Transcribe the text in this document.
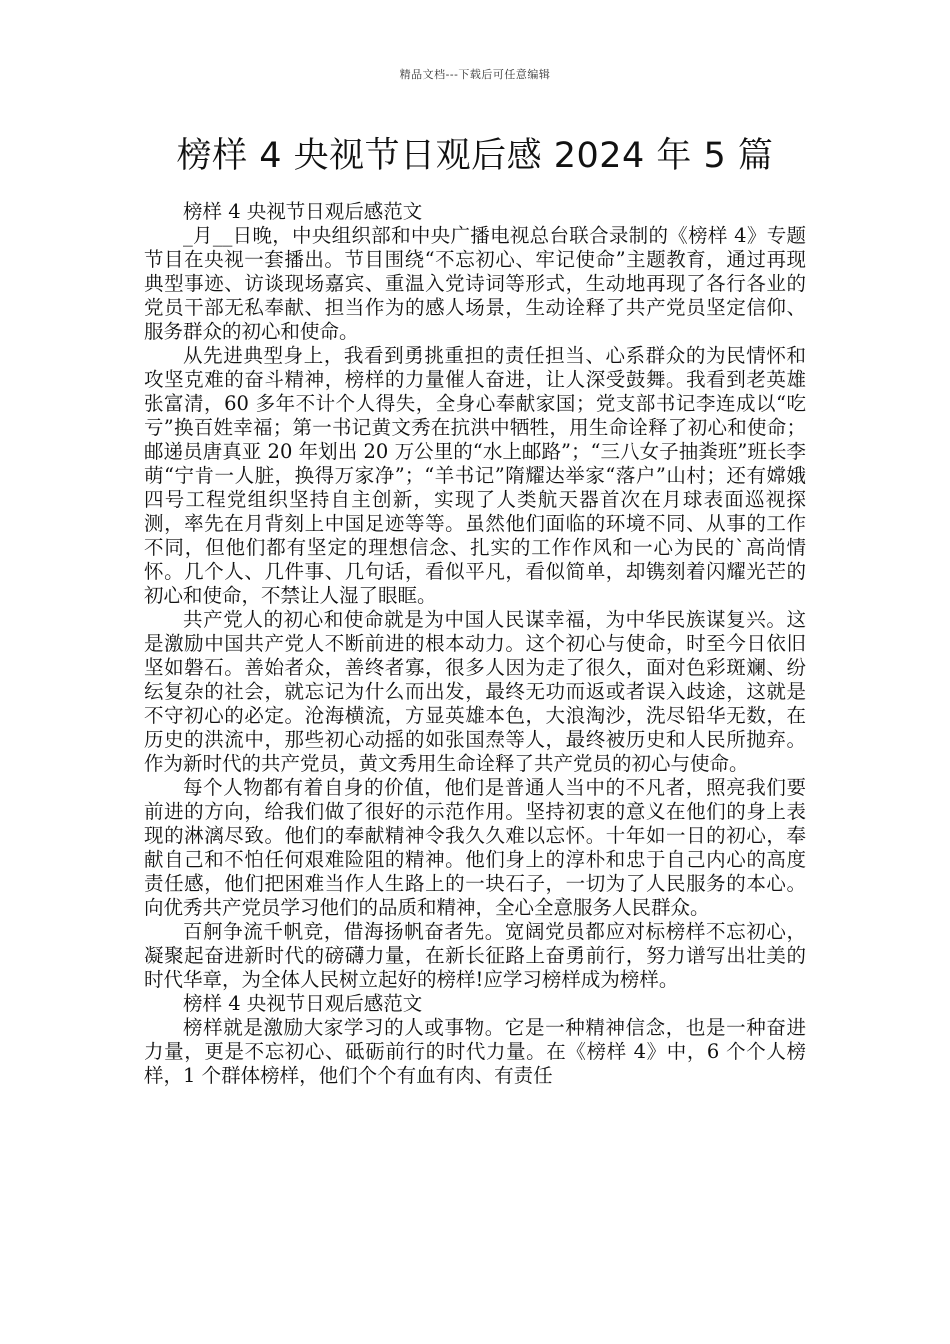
精品文档---下载后可任意编辑
榜样 4 央视节日观后感 2024 年 5 篇

榜样 4 央视节日观后感范文

_月__日晚，中央组织部和中央广播电视总台联合录制的《榜样 4》专题节目在央视一套播出。节目围绕“不忘初心、牢记使命”主题教育，通过再现典型事迹、访谈现场嘉宾、重温入党诗词等形式，生动地再现了各行各业的党员干部无私奉献、担当作为的感人场景，生动诠释了共产党员坚定信仰、服务群众的初心和使命。

从先进典型身上，我看到勇挑重担的责任担当、心系群众的为民情怀和攻坚克难的奋斗精神，榜样的力量催人奋进，让人深受鼓舞。我看到老英雄张富清，60 多年不计个人得失，全身心奉献家国；党支部书记李连成以“吃亏”换百姓幸福；第一书记黄文秀在抗洪中牺牲，用生命诠释了初心和使命；邮递员唐真亚 20 年划出 20 万公里的“水上邮路”；“三八女子抽粪班”班长李萌“宁肯一人脏，换得万家净”；“羊书记”隋耀达举家“落户”山村；还有嫦娥四号工程党组织坚持自主创新，实现了人类航天器首次在月球表面巡视探测，率先在月背刻上中国足迹等等。虽然他们面临的环境不同、从事的工作不同，但他们都有坚定的理想信念、扎实的工作作风和一心为民的`高尚情怀。几个人、几件事、几句话，看似平凡，看似简单，却镌刻着闪耀光芒的初心和使命，不禁让人湿了眼眶。

共产党人的初心和使命就是为中国人民谋幸福，为中华民族谋复兴。这是激励中国共产党人不断前进的根本动力。这个初心与使命，时至今日依旧坚如磐石。善始者众，善终者寡，很多人因为走了很久，面对色彩斑斓、纷纭复杂的社会，就忘记为什么而出发，最终无功而返或者误入歧途，这就是不守初心的必定。沧海横流，方显英雄本色，大浪淘沙，洗尽铅华无数，在历史的洪流中，那些初心动摇的如张国焘等人，最终被历史和人民所抛弃。作为新时代的共产党员，黄文秀用生命诠释了共产党员的初心与使命。

每个人物都有着自身的价值，他们是普通人当中的不凡者，照亮我们要前进的方向，给我们做了很好的示范作用。坚持初衷的意义在他们的身上表现的淋漓尽致。他们的奉献精神令我久久难以忘怀。十年如一日的初心，奉献自己和不怕任何艰难险阻的精神。他们身上的淳朴和忠于自己内心的高度责任感，他们把困难当作人生路上的一块石子，一切为了人民服务的本心。向优秀共产党员学习他们的品质和精神，全心全意服务人民群众。

百舸争流千帆竞，借海扬帆奋者先。宽阔党员都应对标榜样不忘初心，凝聚起奋进新时代的磅礴力量，在新长征路上奋勇前行，努力谱写出壮美的时代华章，为全体人民树立起好的榜样!应学习榜样成为榜样。

榜样 4 央视节日观后感范文

榜样就是激励大家学习的人或事物。它是一种精神信念，也是一种奋进力量，更是不忘初心、砥砺前行的时代力量。在《榜样 4》中，6 个个人榜样，1 个群体榜样，他们个个有血有肉、有责任
